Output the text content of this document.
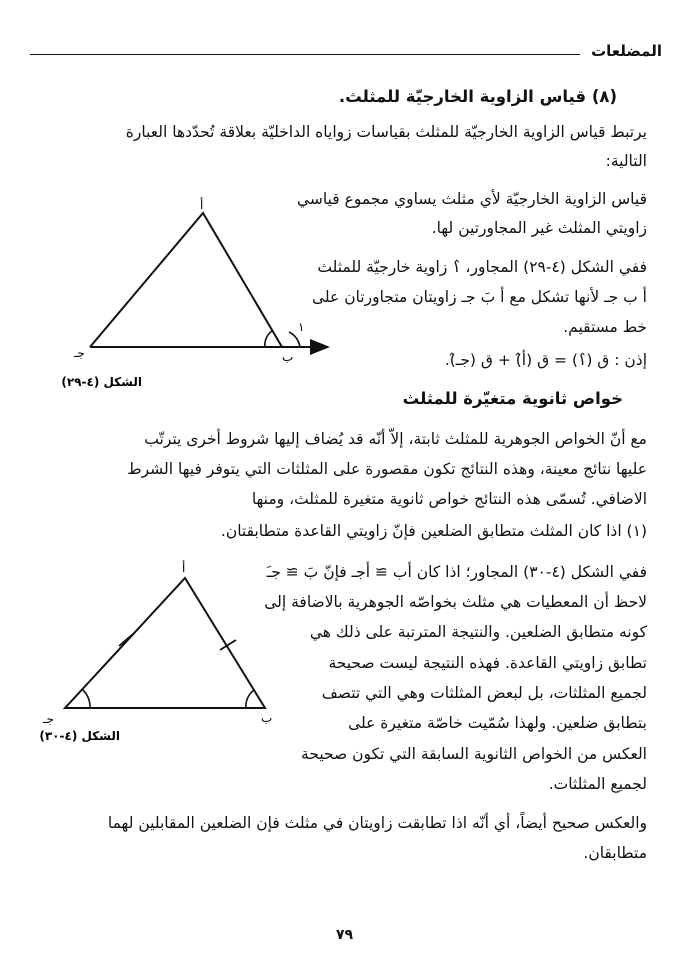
المضلعات
(٨) قياس الزاوية الخارجيّة للمثلث.
يرتبط قياس الزاوية الخارجيّة للمثلث بقياسات زواياه الداخليّة بعلاقة تُحدّدها العبارة
التالية:
قياس الزاوية الخارجيّة لأي مثلث يساوي مجموع قياسي
زاويتي المثلث غير المجاورتين لها.
ففي الشكل (٤-٢٩) المجاور، ١̂ زاوية خارجيّة للمثلث
أ ب جـ لأنها تشكل مع أ بَ جـ زاويتان متجاورتان على
خط مستقيم.
إذن : ق (١̂) = ق (أ̂) + ق (جـ̂).
أ
ب
جـ
١
الشكل (٤-٢٩)
خواص ثانوية متغيّرة للمثلث
مع أنّ الخواص الجوهرية للمثلث ثابتة، إلاّ أنّه قد يُضاف إليها شروط أخرى يترتّب
عليها نتائج معينة، وهذه النتائج تكون مقصورة على المثلثات التي يتوفر فيها الشرط
الاضافي. تُسمّى هذه النتائج خواص ثانوية متغيرة للمثلث، ومنها
(١) اذا كان المثلث متطابق الضلعين فإنّ زاويتي القاعدة متطابقتان.
ففي الشكل (٤-٣٠) المجاور؛ اذا كان أب ≅ أجـ فإنّ بَ ≅ جـَ
لاحظ أن المعطيات هي مثلث بخواصّه الجوهرية بالاضافة إلى
كونه متطابق الضلعين. والنتيجة المترتبة على ذلك هي
تطابق زاويتي القاعدة. فهذه النتيجة ليست صحيحة
لجميع المثلثات، بل لبعض المثلثات وهي التي تتصف
بتطابق ضلعين. ولهذا سُمّيت خاصّة متغيرة على
العكس من الخواص الثانوية السابقة التي تكون صحيحة
لجميع المثلثات.
والعكس صحيح أيضاً، أي أنّه اذا تطابقت زاويتان في مثلث فإن الضلعين المقابلين لهما
متطابقان.
أ
ب
جـ
الشكل (٤-٣٠)
٧٩
